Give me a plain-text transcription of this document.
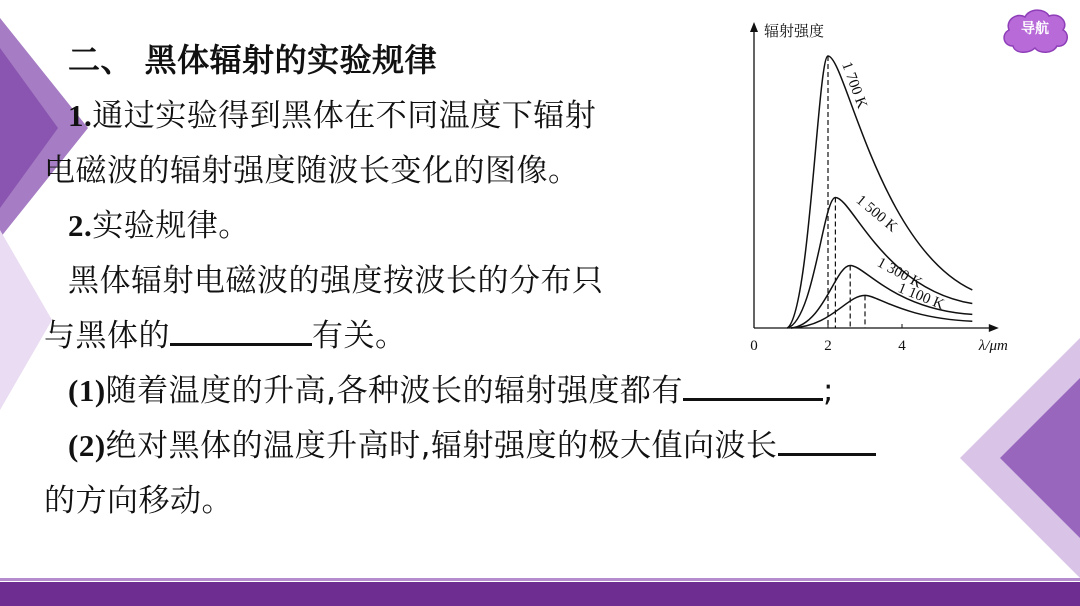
导航
二、 黑体辐射的实验规律
1.通过实验得到黑体在不同温度下辐射
电磁波的辐射强度随波长变化的图像。
2.实验规律。
黑体辐射电磁波的强度按波长的分布只
与黑体的	有关。
(1)随着温度的升高,各种波长的辐射强度都有	;
(2)绝对黑体的温度升高时,辐射强度的极大值向波长
的方向移动。
辐射强度
λ/μm
0	2	4
1 700 K
1 500 K
1 300 K
1 100 K
